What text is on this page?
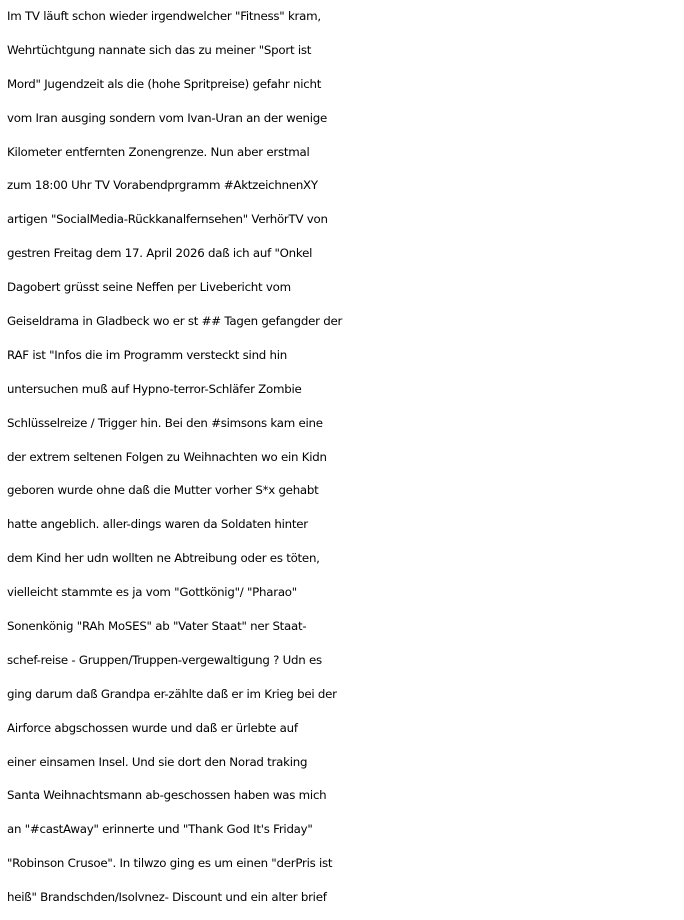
Im TV läuft schon wieder irgendwelcher "Fitness" kram,
Wehrtüchtgung nannate sich das zu meiner "Sport ist
Mord" Jugendzeit als die (hohe Spritpreise) gefahr nicht
vom Iran ausging sondern vom Ivan-Uran an der wenige
Kilometer entfernten Zonengrenze. Nun aber erstmal
zum 18:00 Uhr TV Vorabendprgramm #AktzeichnenXY
artigen "SocialMedia-Rückkanalfernsehen" VerhörTV von
gestren Freitag dem 17. April 2026 daß ich auf "Onkel
Dagobert grüsst seine Neffen per Livebericht vom
Geiseldrama in Gladbeck wo er st ## Tagen gefangder der
RAF ist "Infos die im Programm versteckt sind hin
untersuchen muß auf Hypno-terror-Schläfer Zombie
Schlüsselreize / Trigger hin. Bei den #simsons kam eine
der extrem seltenen Folgen zu Weihnachten wo ein Kidn
geboren wurde ohne daß die Mutter vorher S*x gehabt
hatte angeblich. aller-dings waren da Soldaten hinter
dem Kind her udn wollten ne Abtreibung oder es töten,
vielleicht stammte es ja vom "Gottkönig"/ "Pharao"
Sonenkönig "RAh MoSES" ab "Vater Staat" ner Staat-
schef-reise - Gruppen/Truppen-vergewaltigung ? Udn es
ging darum daß Grandpa er-zählte daß er im Krieg bei der
Airforce abgschossen wurde und daß er ürlebte auf
einer einsamen Insel. Und sie dort den Norad traking
Santa Weihnachtsmann ab-geschossen haben was mich
an "#castAway" erinnerte und "Thank God It's Friday"
"Robinson Crusoe". In tilwzo ging es um einen "derPris ist
heiß" Brandschden/Isolvnez- Discount und ein alter brief
